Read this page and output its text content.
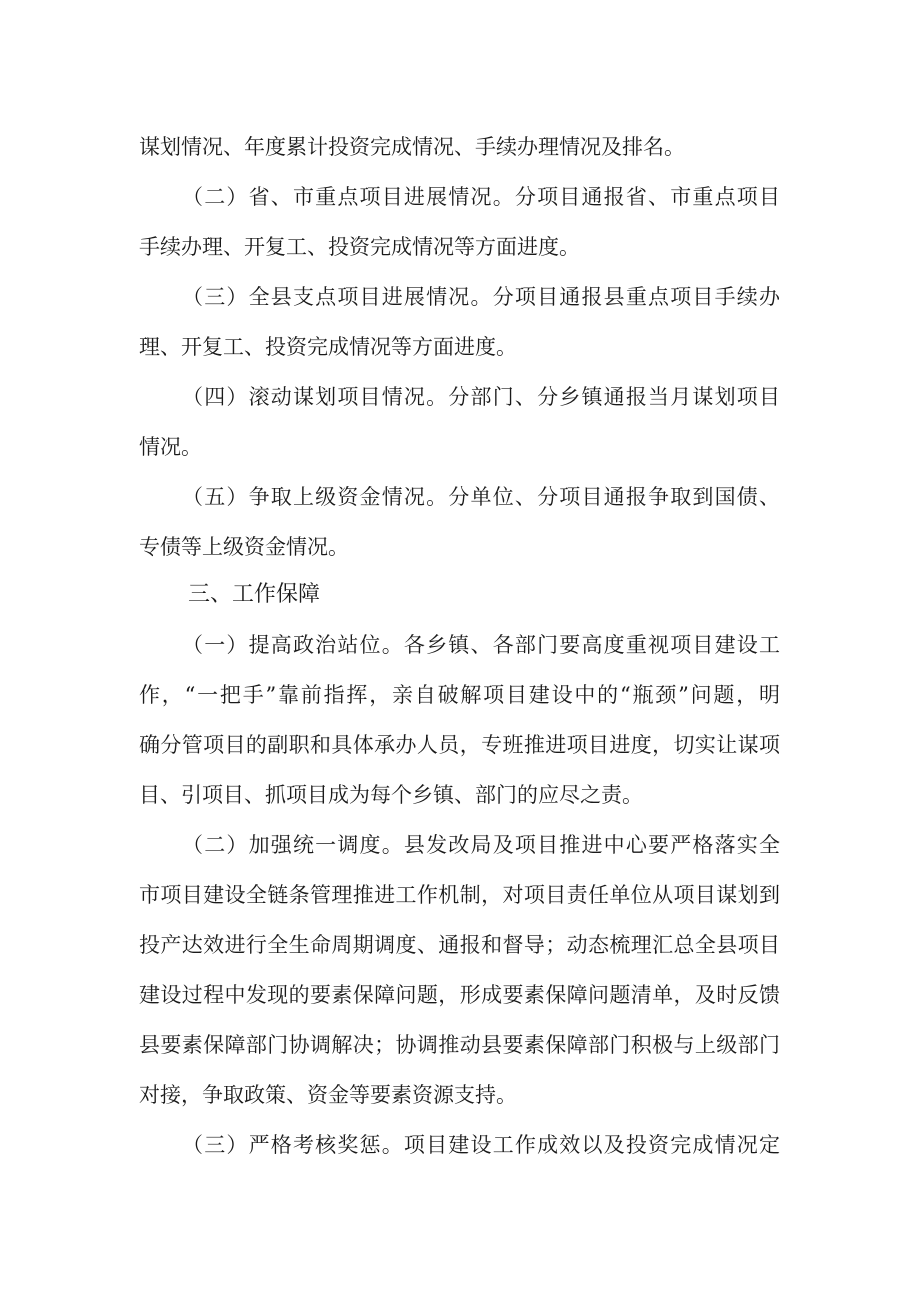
谋划情况、年度累计投资完成情况、手续办理情况及排名。

（二）省、市重点项目进展情况。分项目通报省、市重点项目

手续办理、开复工、投资完成情况等方面进度。

（三）全县支点项目进展情况。分项目通报县重点项目手续办

理、开复工、投资完成情况等方面进度。

（四）滚动谋划项目情况。分部门、分乡镇通报当月谋划项目

情况。

（五）争取上级资金情况。分单位、分项目通报争取到国债、

专债等上级资金情况。

三、工作保障

（一）提高政治站位。各乡镇、各部门要高度重视项目建设工

作，“一把手”靠前指挥，亲自破解项目建设中的“瓶颈”问题，明

确分管项目的副职和具体承办人员，专班推进项目进度，切实让谋项

目、引项目、抓项目成为每个乡镇、部门的应尽之责。

（二）加强统一调度。县发改局及项目推进中心要严格落实全

市项目建设全链条管理推进工作机制，对项目责任单位从项目谋划到

投产达效进行全生命周期调度、通报和督导；动态梳理汇总全县项目

建设过程中发现的要素保障问题，形成要素保障问题清单，及时反馈

县要素保障部门协调解决；协调推动县要素保障部门积极与上级部门

对接，争取政策、资金等要素资源支持。

（三）严格考核奖惩。项目建设工作成效以及投资完成情况定
